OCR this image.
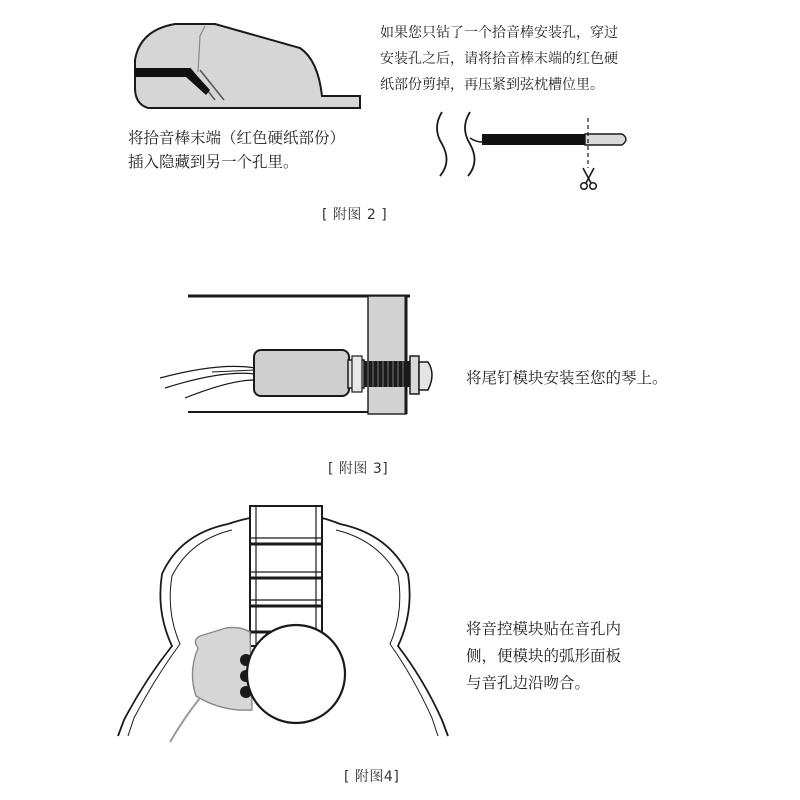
将拾音棒末端（红色硬纸部份）
插入隐藏到另一个孔里。
如果您只钻了一个拾音棒安装孔，穿过
安装孔之后，请将拾音棒末端的红色硬
纸部份剪掉，再压紧到弦枕槽位里。
[ 附图 2 ]
将尾钉模块安装至您的琴上。
[ 附图 3]
将音控模块贴在音孔内
侧，便模块的弧形面板
与音孔边沿吻合。
[ 附图4]
